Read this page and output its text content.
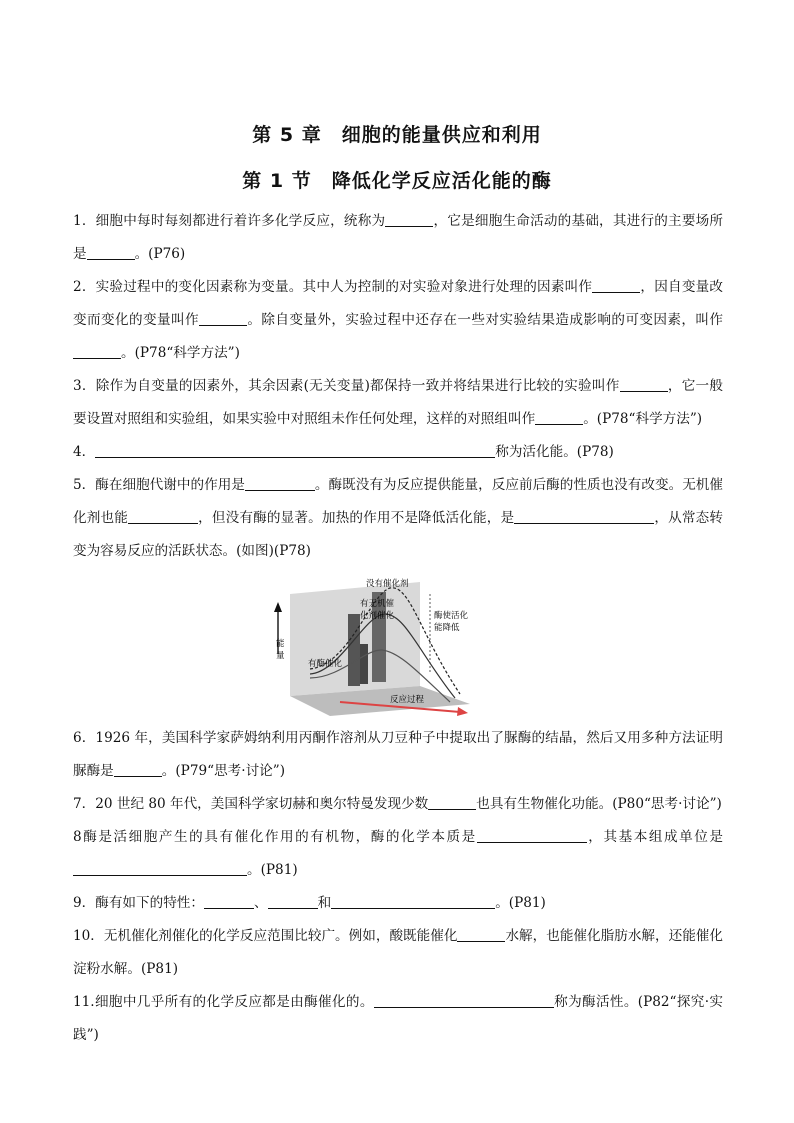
第 5 章　细胞的能量供应和利用
第 1 节　降低化学反应活化能的酶

1．细胞中每时每刻都进行着许多化学反应，统称为	，它是细胞生命活动的基础，其进行的主要场所是	。(P76)

2．实验过程中的变化因素称为变量。其中人为控制的对实验对象进行处理的因素叫作	，因自变量改变而变化的变量叫作	。除自变量外，实验过程中还存在一些对实验结果造成影响的可变因素，叫作。(P78“科学方法”)

3．除作为自变量的因素外，其余因素(无关变量)都保持一致并将结果进行比较的实验叫作	，它一般要设置对照组和实验组，如果实验中对照组未作任何处理，这样的对照组叫作	。(P78“科学方法”)

4．	称为活化能。(P78)

5．酶在细胞代谢中的作用是	。酶既没有为反应提供能量，反应前后酶的性质也没有改变。无机催化剂也能	，但没有酶的显著。加热的作用不是降低活化能，是	，从常态转变为容易反应的活跃状态。(如图)(P78)

没有催化剂
有无机催
化剂催化
有酶催化
酶使活化
能降低
能
量
反应过程

6．1926 年，美国科学家萨姆纳利用丙酮作溶剂从刀豆种子中提取出了脲酶的结晶，然后又用多种方法证明脲酶是	。(P79“思考·讨论”)

7．20 世纪 80 年代，美国科学家切赫和奥尔特曼发现少数	也具有生物催化功能。(P80“思考·讨论”)

8酶是活细胞产生的具有催化作用的有机物，酶的化学本质是	，其基本组成单位是。(P81)

9．酶有如下的特性：	、	和	。(P81)

10．无机催化剂催化的化学反应范围比较广。例如，酸既能催化	水解，也能催化脂肪水解，还能催化淀粉水解。(P81)

11.细胞中几乎所有的化学反应都是由酶催化的。	称为酶活性。(P82“探究·实践”)
